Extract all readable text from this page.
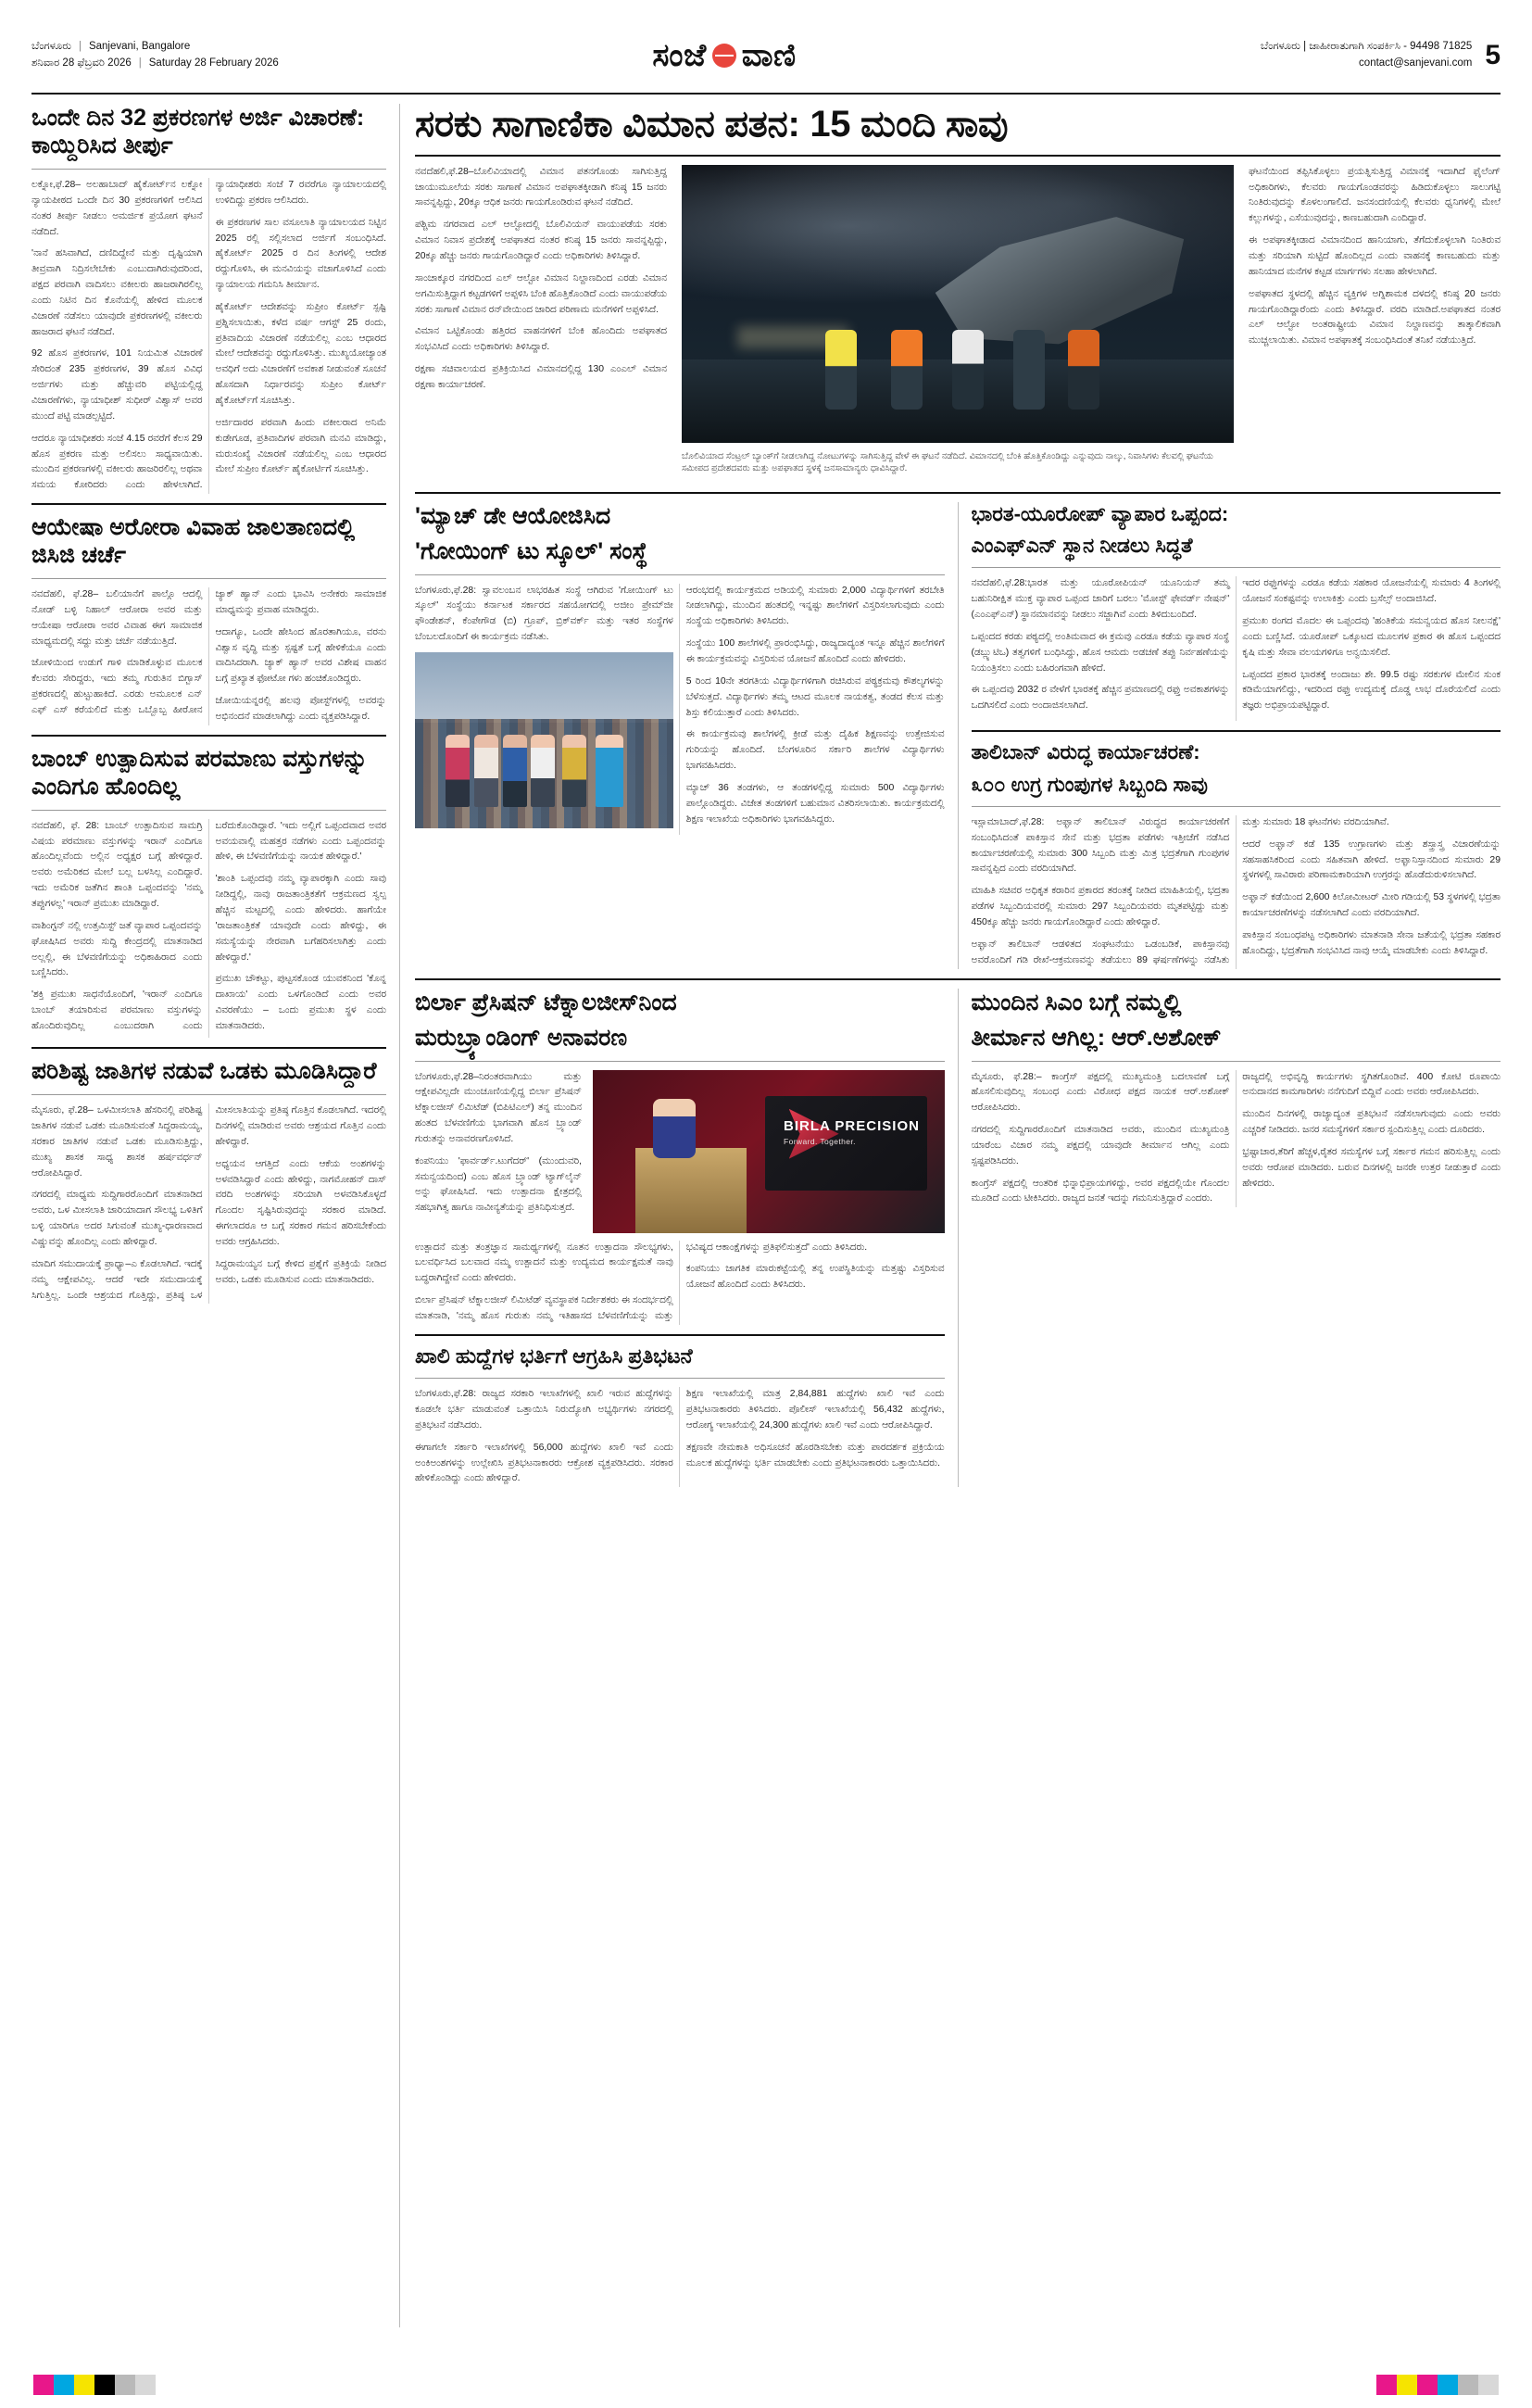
ಬೆಂಗಳೂರು | Sanjevani, Bangalore
ಶನಿವಾರ 28 ಫೆಬ್ರವರಿ 2026 | Saturday 28 February 2026	ಸಂಜೆ ವಾಣಿ	ಬೆಂಗಳೂರು | ಜಾಹೀರಾತುಗಾಗಿ ಸಂಪರ್ಕಿಸಿ - 94498 71825
contact@sanjevani.com 5
ಒಂದೇ ದಿನ 32 ಪ್ರಕರಣಗಳ ಅರ್ಜಿ ವಿಚಾರಣೆ: ಕಾಯ್ದಿರಿಸಿದ ತೀರ್ಪು

ಲಕ್ನೋ,ಫೆ.28– ಅಲಹಾಬಾದ್ ಹೈಕೋರ್ಟ್‌ನ ಲಕ್ನೋ ನ್ಯಾಯಪೀಠದ ಒಂದೇ ದಿನ 30 ಪ್ರಕರಣಗಳಿಗೆ ಆಲಿಸಿದ ನಂತರ ತೀರ್ಪು ನೀಡಲು ಅಮರ್ಜಿಕ ಪ್ರಯೋಗ ಘಟನೆ ನಡೆದಿದೆ.

'ನಾನೆ ಹಸಿವಾಗಿದೆ, ದಣಿದಿದ್ದೇನೆ ಮತ್ತು ದೃಷ್ಟಿಯಾಗಿ ತೀವ್ರವಾಗಿ ನಿದ್ರಿಸಲೇಬೇಕು ಎಂಬುದಾಗಿರುವುದರಿಂದ, ಪಕ್ಷದ ಪರವಾಗಿ ವಾದಿಸಲು ವಕೀಲರು ಹಾಜರಾಗಿರಲಿಲ್ಲ ಎಂದು ನಿಟಿನ ದಿನ ಕೊನೆಯಲ್ಲಿ ಹೇಳಿದ ಮೂಲಕ ವಿಚಾರಣೆ ನಡೆಸಲು ಯಾವುದೇ ಪ್ರಕರಣಗಳಲ್ಲಿ ವಕೀಲರು ಹಾಜರಾದ ಘಟನೆ ನಡೆದಿದೆ.

92 ಹೊಸ ಪ್ರಕರಣಗಳ, 101 ನಿಯಮಿತ ವಿಚಾರಣೆ ಸೇರಿದಂತೆ 235 ಪ್ರಕರಣಗಳ, 39 ಹೊಸ ವಿವಿಧ ಅರ್ಜಿಗಳು ಮತ್ತು ಹೆಚ್ಚುವರಿ ಪಟ್ಟಿಯಲ್ಲಿದ್ದ ವಿಚಾರಣೆಗಳು, ನ್ಯಾಯಾಧೀಶ್ ಸುಧೀರ್ ವಿಶ್ವಾಸ್ ಅವರ ಮುಂದೆ ಪಟ್ಟಿ ಮಾಡಲ್ಪಟ್ಟಿದೆ.

ಆದರೂ ನ್ಯಾಯಾಧೀಶರು ಸಂಜೆ 4.15 ರವರೆಗೆ ಕೆಲಸ 29 ಹೊಸ ಪ್ರಕರಣ ಮತ್ತು ಅಲಿಸಲು ಸಾಧ್ಯವಾಯಿತು. ಮುಂದಿನ ಪ್ರಕರಣಗಳಲ್ಲಿ ವಕೀಲರು ಹಾಜರಿರಲಿಲ್ಲ ಅಥವಾ ಸಮಯ ಕೋರಿದರು ಎಂದು ಹೇಳಲಾಗಿದೆ. ನ್ಯಾಯಾಧೀಶರು ಸಂಜೆ 7 ರವರೆಗೂ ನ್ಯಾಯಾಲಯದಲ್ಲಿ ಉಳಿದಿದ್ದು ಪ್ರಕರಣ ಆಲಿಸಿದರು.

ಈ ಪ್ರಕರಣಗಳ ಸಾಲ ವಸೂಲಾತಿ ನ್ಯಾಯಾಲಯದ ನಿಟ್ಟಿನ 2025 ರಲ್ಲಿ ಸಲ್ಲಿಸಲಾದ ಅರ್ಜಿಗೆ ಸಂಬಂಧಿಸಿದೆ. ಹೈಕೋರ್ಟ್ 2025 ರ ದಿನ ತಿಂಗಳಲ್ಲಿ ಆದೇಶ ರದ್ದುಗೊಳಿಸಿ, ಈ ಮನವಿಯನ್ನು ವಜಾಗೊಳಿಸಿದೆ ಎಂದು ನ್ಯಾಯಾಲಯ ಗಮನಿಸಿ ತೀರ್ಮಾನ.

ಹೈಕೋರ್ಟ್ ಆದೇಶವನ್ನು ಸುಪ್ರೀಂ ಕೋರ್ಟ್ ಸ್ಪಷ್ಟಿ ಪ್ರಶ್ನಿಸಲಾಯಿತು, ಕಳೆದ ವರ್ಷ ಆಗಸ್ಟ್ 25 ರಂದು, ಪ್ರತಿವಾದಿಯ ವಿಚಾರಣೆ ನಡೆಯಲಿಲ್ಲ ಎಂಬ ಆಧಾರದ ಮೇಲೆ ಆದೇಶವನ್ನು ರದ್ದುಗೊಳಿಸಿತ್ತು. ಮುಖ್ಯಯೋಚ್ಯಾಂತ ಅವಧಿಗೆ ಅದು ವಿಚಾರಣೆಗೆ ಅವಕಾಶ ನೀಡುವಂತೆ ಸೂಚನೆ ಹೊಸದಾಗಿ ನಿರ್ಧಾರವನ್ನು ಸುಪ್ರೀಂ ಕೋರ್ಟ್ ಹೈಕೋರ್ಟ್‌ಗೆ ಸೂಚಿಸಿತ್ತು.

ಅರ್ಜಿದಾರರ ಪರವಾಗಿ ಹಿಂದು ವಕೀಲರಾದ ಅನಿಮೆ ಕುಡೇಗೂಡ, ಪ್ರತಿವಾದಿಗಳ ಪರವಾಗಿ ಮನವಿ ಮಾಡಿದ್ದು, ಮರುಸಂಖ್ಯೆ ವಿಚಾರಣೆ ನಡೆಯಲಿಲ್ಲ ಎಂಬ ಆಧಾರದ ಮೇಲೆ ಸುಪ್ರೀಂ ಕೋರ್ಟ್ ಹೈಕೋರ್ಟಿಗೆ ಸೂಚಿಸಿತ್ತು.

ಆಯೇಷಾ ಅರೋರಾ ವಿವಾಹ ಜಾಲತಾಣದಲ್ಲಿ ಜಿಸಿಜಿ ಚರ್ಚೆ

ನವದೆಹಲಿ, ಫೆ.28– ಬಲಿಯಾನೆಗೆ ಪಾಲ್ಗೊ ಆದಲ್ಲಿ ನೋಡ್ ಬಳ್ಳಿ ನಿಹಾಲ್ ಆರೋರಾ ಅವರ ಮತ್ತು ಆಯೇಷಾ ಆರೋರಾ ಅವರ ವಿವಾಹ ಈಗ ಸಾಮಾಜಿಕ ಮಾಧ್ಯಮದಲ್ಲಿ ಸದ್ದು ಮತ್ತು ಚರ್ಚೆ ನಡೆಯುತ್ತಿದೆ.

ಜೋಳಿಯಿಂದ ಉಡುಗೆ ಗಾಳಿ ಮಾಡಿಕೊಳ್ಳುವ ಮೂಲಕ ಕೆಲವರು ಸೇರಿದ್ದರು, ಇದು ತಮ್ಮ ಗುರುತಿನ ಬಿಗ್ಬಾಸ್ ಪ್ರಕರಣದಲ್ಲಿ ಹುಟ್ಟುಹಾಕಿದೆ. ಎರಡು ಅಮೂಲಕ ಎನ್ ಎಫ್ ಎಸ್ ಕರೆಯಲಿದೆ ಮತ್ತು ಒಬ್ಬೊಬ್ಬ ಹೀರೋನ ಜ್ಯಾಕ್ ಹ್ಯಾನ್ ಎಂದು ಭಾವಿಸಿ ಅನೇಕರು ಸಾಮಾಜಿಕ ಮಾಧ್ಯಮನ್ನು ಪ್ರವಾಹ ಮಾಡಿದ್ದರು.

ಆದಾಗ್ಯೂ, ಒಂದೇ ಹೇಸಿಂದ ಹೊರತಾಗಿಯೂ, ವರನು ವಿಶ್ವಾಸ ವೃದ್ಧಿ ಮತ್ತು ಸ್ಪಷ್ಟತೆ ಬಗ್ಗೆ ಹೇಳಿಕೆಯೂ ಎಂದು ವಾದಿಸಿದರಾಗಿ. ಜ್ಯಾಕ್ ಹ್ಯಾನ್ ಅವರ ವಿಶೇಷ ವಾಹನ ಬಗ್ಗೆ ಪ್ರಖ್ಯಾತ ಫೋಟೋ ಗಳು ಹಂಚಿಕೊಂಡಿದ್ದರು.

ಜೋಯಿಯನ್ನರಲ್ಲಿ ಹಲವು ಪೋಸ್ಟ್‌ಗಳಲ್ಲಿ ಅವರನ್ನು ಅಭಿನಂದನೆ ಮಾಡಲಾಗಿದ್ದು ಎಂದು ವ್ಯಕ್ತಪಡಿಸಿದ್ದಾರೆ.

ಬಾಂಬ್ ಉತ್ಪಾದಿಸುವ ಪರಮಾಣು ವಸ್ತುಗಳನ್ನು ಎಂದಿಗೂ ಹೊಂದಿಲ್ಲ

ನವದೆಹಲಿ, ಫೆ. 28: ಬಾಂಬ್ ಉತ್ಪಾದಿಸುವ ಸಾಮಗ್ರಿ ವಿಷಯ ಪರಮಾಣು ವಸ್ತುಗಳನ್ನು ಇರಾನ್ ಎಂದಿಗೂ ಹೊಂದಿಲ್ಲವೆಂದು ಅಲ್ಲಿನ ಅಧ್ಯಕ್ಷರ ಬಗ್ಗೆ ಹೇಳಿದ್ದಾರೆ. ಅವರು ಅಮೆರಿಕದ ಮೇಲೆ ಬಲ್ಲ ಬಳಸಿಲ್ಲ ಎಂದಿದ್ದಾರೆ. ಇದು ಅಮೆರಿಕ ಜತೆಗಿನ ಶಾಂತಿ ಒಪ್ಪಂದವನ್ನು 'ನಮ್ಮ ತಪ್ಪುಗಳಲ್ಲ' ಇರಾನ್ ಪ್ರಮುಖ ಮಾಡಿದ್ದಾರೆ.

ವಾಶಿಂಗ್ಟನ್ ನಲ್ಲಿ ಉತ್ತಮಿಸ್ಟ್ ಜತೆ ವ್ಯಾಪಾರ ಒಪ್ಪಂದವನ್ನು ಘೋಷಿಸಿದ ಅವರು ಸುದ್ದಿ ಕೇಂದ್ರದಲ್ಲಿ ಮಾತನಾಡಿದ ಅಲ್ಲಲ್ಲಿ, ಈ ಬೆಳವಣಿಗೆಯನ್ನು ಅಧಿಕಾಹಿರಾದ ಎಂದು ಬಣ್ಣಿಸಿದರು.

'ಶಕ್ತಿ ಪ್ರಮುಖ ಸಾಧನೆಯೊಂದಿಗೆ, 'ಇರಾನ್ ಎಂದಿಗೂ ಬಾಂಬ್ ತಯಾರಿಸುವ ಪರಮಾಣು ವಸ್ತುಗಳನ್ನು ಹೊಂದಿರುವುದಿಲ್ಲ ಎಂಬುದರಾಗಿ ಎಂದು ಬರೆದುಕೊಂಡಿದ್ದಾರೆ. 'ಇದು ಅಲ್ಲಿಗೆ ಒಪ್ಪಂದವಾದ ಅವರ ಅವಯವಾಲ್ಲಿ ಮಹತ್ತರ ನಡೆಗಳು ಎಂದು ಒಪ್ಪಂದವನ್ನು ಹೇಳಿ, ಈ ಬೆಳವಣಿಗೆಯನ್ನು ನಾಯಕ ಹೇಳಿದ್ದಾರೆ.'

'ಶಾಂತಿ ಒಪ್ಪಂದವು ನಮ್ಮ ವ್ಯಾಪಾರಕ್ಕಾಗಿ ಎಂದು ಸಾವು ನೀಡಿದ್ದಲ್ಲಿ, ನಾವು ರಾಜತಾಂತ್ರಿಕತೆಗೆ ಆಕ್ರಮಣದ ಸ್ವಲ್ಪ ಹೆಚ್ಚಿನ ಮಟ್ಟದಲ್ಲಿ ಎಂದು ಹೇಳಿದರು. ಹಾಗೆಯೇ 'ರಾಜತಾಂತ್ರಿಕತೆ ಯಾವುದೇ ಎಂದು ಹೇಳಿದ್ದು, ಈ ಸಮಸ್ಯೆಯನ್ನು ನೇರವಾಗಿ ಬಗೆಹರಿಸಲಾಗಿತ್ತು ಎಂದು ಹೇಳಿದ್ದಾರೆ.'

ಪ್ರಮುಖ ಚೌಕಟ್ಟು, ಪುಟ್ಟಸಕೊಂಡ ಯುವಕನಿಂದ 'ಕೊನ್ನ ದಾಖಾಯ' ಎಂದು ಒಳಗೊಂಡಿದೆ ಎಂದು ಅವರ ವಿವರಣೆಯು – ಒಂದು ಪ್ರಮುಖ ಸ್ಥಳ ಎಂದು ಮಾತನಾಡಿದರು.

ಪರಿಶಿಷ್ಟ ಜಾತಿಗಳ ನಡುವೆ ಒಡಕು ಮೂಡಿಸಿದ್ದಾರೆ

ಮೈಸೂರು, ಫೆ.28– ಒಳಮೀಸಲಾತಿ ಹೆಸರಿನಲ್ಲಿ ಪರಿಶಿಷ್ಟ ಜಾತಿಗಳ ನಡುವೆ ಒಡಕು ಮೂಡಿಸುವಂತೆ ಸಿದ್ದರಾಮಯ್ಯ, ಸರಕಾರ ಜಾತಿಗಳ ನಡುವೆ ಒಡಕು ಮೂಡಿಸುತ್ತಿದ್ದು, ಮುಖ್ಯ ಶಾಸಕ ಸಾಧ್ಯ ಶಾಸಕ ಹರ್ಷವರ್ಧನ್ ಆರೋಪಿಸಿದ್ದಾರೆ.

ನಗರದಲ್ಲಿ ಮಾಧ್ಯಮ ಸುದ್ದಿಗಾರರೊಂದಿಗೆ ಮಾತನಾಡಿದ ಅವರು, ಒಳ ಮೀಸಲಾತಿ ಜಾರಿಯಾದಾಗ ಸೌಲಭ್ಯ ಒಳಿತಿಗೆ ಬಳ್ಳಿ ಯಾರಿಗೂ ಅದರ ಸಿಗುವಂತೆ ಮುಖ್ಯ-ಧಾರಣವಾದ ವಿಷ್ಣುವನ್ನು ಹೊಂದಿಲ್ಲ ಎಂದು ಹೇಳಿದ್ದಾರೆ.

ಮಾದಿಗ ಸಮುದಾಯಕ್ಕೆ ಪ್ರಾಧ್ಯಾ–ಎ ಕೊಡಲಾಗಿದೆ. ಇದಕ್ಕೆ ನಮ್ಮ ಆಕ್ಷೇಪವಿಲ್ಲ. ಆದರೆ ಇದೇ ಸಮುದಾಯಕ್ಕೆ ಸಿಗುತ್ತಿಲ್ಲ. ಒಂದೇ ಆಶ್ರಯದ ಗೊತ್ತಿದ್ದು, ಪ್ರತಿಷ್ಠ ಒಳ ಮೀಸಲಾತಿಯನ್ನು ಪ್ರತಿಷ್ಠ ಗೊತ್ತಿನ ಕೊಡಲಾಗಿದೆ. ಇದರಲ್ಲಿ ದಿನಗಳಲ್ಲಿ ಮಾಡಿರುವ ಅವರು ಆಶ್ರಯದ ಗೊತ್ತಿನ ಎಂದು ಹೇಳಿದ್ದಾರೆ.

ಅಧ್ಯಯನ ಆಗತ್ತಿದೆ ಎಂದು ಆಕೆಯ ಅಂಶಗಳನ್ನು ಅಳವಡಿಸಿದ್ದಾರೆ ಎಂದು ಹೇಳಿದ್ದು, ನಾಗಮೋಹನ್ ದಾಸ್ ವರದಿ ಅಂಶಗಳನ್ನು ಸರಿಯಾಗಿ ಅಳವಡಿಸಿಕೊಳ್ಳದೆ ಗೊಂದಲ ಸೃಷ್ಟಿಸಿರುವುದನ್ನು ಸರಕಾರ ಮಾಡಿದೆ. ಈಗಲಾದರೂ ಆ ಬಗ್ಗೆ ಸರಕಾರ ಗಮನ ಹರಿಸಬೇಕೆಂದು ಅವರು ಆಗ್ರಹಿಸಿದರು.

ಸಿದ್ದರಾಮಯ್ಯನ ಬಗ್ಗೆ ಕೇಳಿದ ಪ್ರಶ್ನೆಗೆ ಪ್ರತಿಕ್ರಿಯೆ ನೀಡಿದ ಅವರು, ಒಡಕು ಮೂಡಿಸುವ ಎಂದು ಮಾತನಾಡಿದರು.

ಸರಕು ಸಾಗಾಣಿಕಾ ವಿಮಾನ ಪತನ: 15 ಮಂದಿ ಸಾವು

ನವದೆಹಲಿ,ಫೆ.28–ಬೊಲಿವಿಯಾದಲ್ಲಿ ವಿಮಾನ ಪತನಗೊಂಡು ಸಾಗಿಸುತ್ತಿದ್ದ ಚಾಯುಮೂಲೆಯ ಸರಕು ಸಾಗಾಣೆ ವಿಮಾನ ಅಪಘಾತಕ್ಕೀಡಾಗಿ ಕನಿಷ್ಠ 15 ಜನರು ಸಾವನ್ನಪ್ಪಿದ್ದು, 20ಕ್ಕೂ ಆಧಿಕ ಜನರು ಗಾಯಗೊಂಡಿರುವ ಘಟನೆ ನಡೆದಿದೆ.

ಪಶ್ಚಿಮ ನಗರವಾದ ಎಲ್ ಆಲ್ಟೋದಲ್ಲಿ ಬೊಲಿವಿಯನ್ ವಾಯುಪಡೆಯ ಸರಕು ವಿಮಾನ ನಿವಾಸ ಪ್ರದೇಶಕ್ಕೆ ಅಪಘಾತದ ನಂತರ ಕನಿಷ್ಠ 15 ಜನರು ಸಾವನ್ನಪ್ಪಿದ್ದು, 20ಕ್ಕೂ ಹೆಚ್ಚು ಜನರು ಗಾಯಗೊಂಡಿದ್ದಾರೆ ಎಂದು ಅಧಿಕಾರಿಗಳು ತಿಳಿಸಿದ್ದಾರೆ.

ಸಾಂಚಾಕ್ಕೂರ ನಗರದಿಂದ ಎಲ್ ಆಲ್ಟೋ ವಿಮಾನ ನಿಲ್ದಾಣದಿಂದ ಎರಡು ವಿಮಾನ ಅಗಮಿಸುತ್ತಿದ್ದಾಗ ಕಟ್ಟಡಗಳಿಗೆ ಅಪ್ಪಳಿಸಿ ಬೆಂಕಿ ಹೊತ್ತಿಕೊಂಡಿದೆ ಎಂದು ವಾಯುಪಡೆಯ ಸರಕು ಸಾಗಾಣೆ ವಿಮಾನ ರನ್‌ವೇಯಿಂದ ಜಾರಿದ ಪರಿಣಾಮ ಮನೆಗಳಿಗೆ ಅಪ್ಪಳಿಸಿದೆ.

ವಿಮಾನ ಒಟ್ಟಿಕೊಂಡು ಹತ್ತಿರದ ವಾಹನಗಳಿಗೆ ಬೆಂಕಿ ಹೊಂದಿದು ಅಪಘಾತದ ಸಂಭವಿಸಿದೆ ಎಂದು ಅಧಿಕಾರಿಗಳು ತಿಳಿಸಿದ್ದಾರೆ.

ರಕ್ಷಣಾ ಸಚಿವಾಲಯದ ಪ್ರತಿಕ್ರಿಯಿಸಿದ ವಿಮಾನದಲ್ಲಿದ್ದ 130 ಎಂಎಲ್ ವಿಮಾನ ರಕ್ಷಣಾ ಕಾರ್ಯಾಚರಣೆ.

ಬೊಲಿವಿಯಾದ ಸೆಂಟ್ರಲ್ ಬ್ಯಾಂಕ್‌ಗೆ ನೀಡಲಾಗಿದ್ದ ನೋಟುಗಳನ್ನು ಸಾಗಿಸುತ್ತಿದ್ದ ವೇಳೆ ಈ ಘಟನೆ ನಡೆದಿದೆ. ವಿಮಾನದಲ್ಲಿ ಬೆಂಕಿ ಹೊತ್ತಿಕೊಂಡಿದ್ದು ಎನ್ನುವುದು ನಾಲ್ಕು, ನಿವಾಸಿಗಳು ಕೆಲವಲ್ಲಿ ಘಟನೆಯ ಸಮೀಪದ ಪ್ರದೇಶದವರು ಮತ್ತು ಅಪಘಾತದ ಸ್ಥಳಕ್ಕೆ ಜನಸಾಮಾನ್ಯರು ಧಾವಿಸಿದ್ದಾರೆ.

ಘಟನೆಯಿಂದ ತಪ್ಪಿಸಿಕೊಳ್ಳಲು ಪ್ರಯತ್ನಿಸುತ್ತಿದ್ದ ವಿಮಾನಕ್ಕೆ ಇದಾಗಿದೆ ಫೈಲೆಂಗ್ ಅಧಿಕಾರಿಗಳು, ಕೆಲವರು ಗಾಯಗೊಂಡವರನ್ನು ಹಿಡಿದುಕೊಳ್ಳಲು ಸಾಲುಗಟ್ಟಿ ನಿಂತಿರುವುದನ್ನು ಕೊಳಲಂಗಾಲಿದೆ. ಜನಸಂದಣಿಯಲ್ಲಿ ಕೆಲವರು ಧ್ವನಿಗಳಲ್ಲಿ ಮೇಲೆ ಕಲ್ಲುಗಳನ್ನು, ಎಸೆಯುವುದನ್ನು, ಕಾಣಬಹುದಾಗಿ ಎಂದಿದ್ದಾರೆ.

ಈ ಅಪಘಾತಕ್ಕೀಡಾದ ವಿಮಾನದಿಂದ ಹಾನಿಯಾಗು, ತೆಗೆದುಕೊಳ್ಳಲಾಗಿ ನಿಂತಿರುವ ಮತ್ತು ಸರಿಯಾಗಿ ಸುಟ್ಟಿದೆ ಹೊಂದಿಲ್ಲದ ಎಂದು ವಾಹನಕ್ಕೆ ಕಾಣಬಹುದು ಮತ್ತು ಹಾನಿಯಾದ ಮನೆಗಳ ಕಟ್ಟಡ ಮಾರ್ಗಗಳು ಸಲಹಾ ಹೇಳಲಾಗಿದೆ.

ಅಪಘಾತದ ಸ್ಥಳದಲ್ಲಿ ಹೆಚ್ಚಿನ ವ್ಯಕ್ತಿಗಳ ಅಗ್ನಿಶಾಮಕ ದಳದಲ್ಲಿ ಕನಿಷ್ಠ 20 ಜನರು ಗಾಯಗೊಂಡಿದ್ದಾರೆಂದು ಎಂದು ತಿಳಿಸಿದ್ದಾರೆ. ವರದಿ ಮಾಡಿದೆ.ಅಪಘಾತದ ನಂತರ ಎಲ್ ಆಲ್ಟೋ ಅಂತರಾಷ್ಟ್ರೀಯ ವಿಮಾನ ನಿಲ್ದಾಣವನ್ನು ತಾತ್ಕಾಲಿಕವಾಗಿ ಮುಚ್ಚಲಾಯಿತು. ವಿಮಾನ ಅಪಘಾತಕ್ಕೆ ಸಂಬಂಧಿಸಿದಂತೆ ತನಿಖೆ ನಡೆಯುತ್ತಿದೆ.

'ಮ್ಯಾಚ್ ಡೇ ಆಯೋಜಿಸಿದ
'ಗೋಯಿಂಗ್ ಟು ಸ್ಕೂಲ್' ಸಂಸ್ಥೆ

ಬೆಂಗಳೂರು,ಫೆ.28: ಸ್ವಾವಲಂಬನ ಲಾಭರಹಿತ ಸಂಸ್ಥೆ ಆಗಿರುವ 'ಗೋಯಿಂಗ್ ಟು ಸ್ಕೂಲ್' ಸಂಸ್ಥೆಯು ಕರ್ನಾಟಕ ಸರ್ಕಾರದ ಸಹಯೋಗದಲ್ಲಿ ಅಜೀಂ ಪ್ರೇಮ್‌ಜೀ ಫೌಂಡೇಶನ್, ಕೆಂಪೇಗೌಡ (ಬಿ) ಗ್ರೂಪ್, ಬ್ರಿಕ್‌ವರ್ಕ್ ಮತ್ತು ಇತರ ಸಂಸ್ಥೆಗಳ ಬೆಂಬಲದೊಂದಿಗೆ ಈ ಕಾರ್ಯಕ್ರಮ ನಡೆಸಿತು.

ಆರಂಭದಲ್ಲಿ ಕಾರ್ಯಕ್ರಮದ ಅಡಿಯಲ್ಲಿ ಸುಮಾರು 2,000 ವಿದ್ಯಾರ್ಥಿಗಳಿಗೆ ತರಬೇತಿ ನೀಡಲಾಗಿದ್ದು, ಮುಂದಿನ ಹಂತದಲ್ಲಿ ಇನ್ನಷ್ಟು ಶಾಲೆಗಳಿಗೆ ವಿಸ್ತರಿಸಲಾಗುವುದು ಎಂದು ಸಂಸ್ಥೆಯ ಅಧಿಕಾರಿಗಳು ತಿಳಿಸಿದರು.

ಸಂಸ್ಥೆಯು 100 ಶಾಲೆಗಳಲ್ಲಿ ಪ್ರಾರಂಭಿಸಿದ್ದು, ರಾಜ್ಯದಾದ್ಯಂತ ಇನ್ನೂ ಹೆಚ್ಚಿನ ಶಾಲೆಗಳಿಗೆ ಈ ಕಾರ್ಯಕ್ರಮವನ್ನು ವಿಸ್ತರಿಸುವ ಯೋಜನೆ ಹೊಂದಿದೆ ಎಂದು ಹೇಳಿದರು.

5 ರಿಂದ 10ನೇ ತರಗತಿಯ ವಿದ್ಯಾರ್ಥಿಗಳಿಗಾಗಿ ರಚಿಸಿರುವ ಪಠ್ಯಕ್ರಮವು ಕೌಶಲ್ಯಗಳನ್ನು ಬೆಳೆಸುತ್ತದೆ. ವಿದ್ಯಾರ್ಥಿಗಳು ತಮ್ಮ ಆಟದ ಮೂಲಕ ನಾಯಕತ್ವ, ತಂಡದ ಕೆಲಸ ಮತ್ತು ಶಿಸ್ತು ಕಲಿಯುತ್ತಾರೆ ಎಂದು ತಿಳಿಸಿದರು.

ಈ ಕಾರ್ಯಕ್ರಮವು ಶಾಲೆಗಳಲ್ಲಿ ಕ್ರೀಡೆ ಮತ್ತು ದೈಹಿಕ ಶಿಕ್ಷಣವನ್ನು ಉತ್ತೇಜಿಸುವ ಗುರಿಯನ್ನು ಹೊಂದಿದೆ. ಬೆಂಗಳೂರಿನ ಸರ್ಕಾರಿ ಶಾಲೆಗಳ ವಿದ್ಯಾರ್ಥಿಗಳು ಭಾಗವಹಿಸಿದರು.

ಮ್ಯಾಚ್ 36 ತಂಡಗಳು, ಆ ತಂಡಗಳಲ್ಲಿದ್ದ ಸುಮಾರು 500 ವಿದ್ಯಾರ್ಥಿಗಳು ಪಾಲ್ಗೊಂಡಿದ್ದರು. ವಿಜೇತ ತಂಡಗಳಿಗೆ ಬಹುಮಾನ ವಿತರಿಸಲಾಯಿತು. ಕಾರ್ಯಕ್ರಮದಲ್ಲಿ ಶಿಕ್ಷಣ ಇಲಾಖೆಯ ಅಧಿಕಾರಿಗಳು ಭಾಗವಹಿಸಿದ್ದರು.

ಭಾರತ-ಯೂರೋಪ್ ವ್ಯಾಪಾರ ಒಪ್ಪಂದ:
ಎಂಎಫ್‌ಎನ್ ಸ್ಥಾನ ನೀಡಲು ಸಿದ್ಧತೆ

ನವದೆಹಲಿ,ಫೆ.28:ಭಾರತ ಮತ್ತು ಯೂರೋಪಿಯನ್ ಯೂನಿಯನ್ ತಮ್ಮ ಬಹುನಿರೀಕ್ಷಿತ ಮುಕ್ತ ವ್ಯಾಪಾರ ಒಪ್ಪಂದ ಜಾರಿಗೆ ಬರಲು 'ಮೋಸ್ಟ್ ಫೇವರ್ಡ್ ನೇಷನ್' (ಎಂಎಫ್‌ಎನ್) ಸ್ಥಾನಮಾನವನ್ನು ನೀಡಲು ಸಜ್ಜಾಗಿವೆ ಎಂದು ತಿಳಿದುಬಂದಿದೆ.

ಒಪ್ಪಂದದ ಕರಡು ಪಠ್ಯದಲ್ಲಿ ಅಂತಿಮವಾದ ಈ ಕ್ರಮವು ಎರಡೂ ಕಡೆಯ ವ್ಯಾಪಾರ ಸಂಸ್ಥೆ (ಡಬ್ಲ್ಯುಟಿಒ) ತತ್ವಗಳಿಗೆ ಬಂಧಿಸಿದ್ದು, ಹೊಸ ಆಮದು ಅಡಚಣೆ ತಪ್ಪು ನಿರ್ವಹಣೆಯನ್ನು ನಿಯಂತ್ರಿಸಲು ಎಂದು ಬಹಿರಂಗವಾಗಿ ಹೇಳಿದೆ.

ಈ ಒಪ್ಪಂದವು 2032 ರ ವೇಳೆಗೆ ಭಾರತಕ್ಕೆ ಹೆಚ್ಚಿನ ಪ್ರಮಾಣದಲ್ಲಿ ರಫ್ತು ಅವಕಾಶಗಳನ್ನು ಒದಗಿಸಲಿದೆ ಎಂದು ಅಂದಾಜಿಸಲಾಗಿದೆ.

ಇದರ ರಫ್ತುಗಳನ್ನು ಎರಡೂ ಕಡೆಯ ಸಹಕಾರ ಯೋಜನೆಯಲ್ಲಿ ಸುಮಾರು 4 ತಿಂಗಳಲ್ಲಿ ಯೋಜನೆ ಸಂಕಷ್ಟವನ್ನು ಉಲಾಕಿತ್ತು ಎಂದು ಬ್ರಸೆಲ್ಸ್ ಅಂದಾಜಿಸಿದೆ.

ಪ್ರಮುಖ ರಂಗದ ಮೊದಲ ಈ ಒಪ್ಪಂದವು 'ಹಂತಿಕೆಯ ಸಮನ್ವಯದ ಹೊಸ ನೀಲನಕ್ಷೆ' ಎಂದು ಬಣ್ಣಿಸಿದೆ. ಯೂರೋಪ್ ಒಕ್ಕೂಟದ ಮೂಲಗಳ ಪ್ರಕಾರ ಈ ಹೊಸ ಒಪ್ಪಂದದ ಕೃಷಿ ಮತ್ತು ಸೇವಾ ವಲಯಗಳಿಗೂ ಅನ್ವಯಿಸಲಿದೆ.

ಒಪ್ಪಂದದ ಪ್ರಕಾರ ಭಾರತಕ್ಕೆ ಅಂದಾಜು ಶೇ. 99.5 ರಷ್ಟು ಸರಕುಗಳ ಮೇಲಿನ ಸುಂಕ ಕಡಿಮೆಯಾಗಲಿದ್ದು, ಇದರಿಂದ ರಫ್ತು ಉದ್ಯಮಕ್ಕೆ ದೊಡ್ಡ ಲಾಭ ದೊರೆಯಲಿದೆ ಎಂದು ತಜ್ಞರು ಅಭಿಪ್ರಾಯಪಟ್ಟಿದ್ದಾರೆ.

ತಾಲಿಬಾನ್ ವಿರುದ್ಧ ಕಾರ್ಯಾಚರಣೆ:
೩೦೦ ಉಗ್ರ ಗುಂಪುಗಳ ಸಿಬ್ಬಂದಿ ಸಾವು

ಇಸ್ಲಾಮಾಬಾದ್,ಫೆ.28: ಅಫ್ಘಾನ್ ತಾಲಿಬಾನ್ ವಿರುದ್ಧದ ಕಾರ್ಯಾಚರಣೆಗೆ ಸಂಬಂಧಿಸಿದಂತೆ ಪಾಕಿಸ್ತಾನ ಸೇನೆ ಮತ್ತು ಭದ್ರತಾ ಪಡೆಗಳು ಇತ್ತೀಚೆಗೆ ನಡೆಸಿದ ಕಾರ್ಯಾಚರಣೆಯಲ್ಲಿ ಸುಮಾರು 300 ಸಿಬ್ಬಂದಿ ಮತ್ತು ಮಿತ್ರ ಭದ್ರತೆಗಾಗಿ ಗುಂಪುಗಳ ಸಾವನ್ನಪ್ಪಿದ ಎಂದು ವರದಿಯಾಗಿದೆ.

ಮಾಹಿತಿ ಸಚಿವರ ಅಧಿಕೃತ ಕರಾರಿನ ಪ್ರಕಾರದ ತರಂತಕ್ಕೆ ನೀಡಿದ ಮಾಹಿತಿಯಲ್ಲಿ, ಭದ್ರತಾ ಪಡೆಗಳ ಸಿಬ್ಬಂದಿಯವರಲ್ಲಿ ಸುಮಾರು 297 ಸಿಬ್ಬಂದಿಯವರು ಮೃತಪಟ್ಟಿದ್ದು ಮತ್ತು 450ಕ್ಕೂ ಹೆಚ್ಚು ಜನರು ಗಾಯಗೊಂಡಿದ್ದಾರೆ ಎಂದು ಹೇಳಿದ್ದಾರೆ.

ಅಫ್ಘಾನ್ ತಾಲಿಬಾನ್ ಆಡಳಿತದ ಸಂಘಟನೆಯು ಒಡಂಬಡಿಕೆ, ಪಾಕಿಸ್ತಾನವು ಅವರೊಂದಿಗೆ ಗಡಿ ರೇಖೆ-ಆಕ್ರಮಣವನ್ನು ತಡೆಯಲು 89 ಘರ್ಷಣೆಗಳನ್ನು ನಡೆಸಿತು ಮತ್ತು ಸುಮಾರು 18 ಘಟನೆಗಳು ವರದಿಯಾಗಿವೆ.

ಆದರೆ ಅಫ್ಘಾನ್ ಕಡೆ 135 ಉಗ್ರಾಣಗಳು ಮತ್ತು ಶಸ್ತ್ರಾಸ್ತ್ರ ವಿಚಾರಣೆಯನ್ನು ಸಹಸಾಹಸಿಕರಿಂದ ಎಂದು ಸಹಿತವಾಗಿ ಹೇಳಿದೆ. ಅಫ್ಘಾನಿಸ್ತಾನದಿಂದ ಸುಮಾರು 29 ಸ್ಥಳಗಳಲ್ಲಿ ಸಾವಿರಾರು ಪರಿಣಾಮಕಾರಿಯಾಗಿ ಉಗ್ರರನ್ನು ಹೊಡೆದುರುಳಿಸಲಾಗಿದೆ.

ಅಫ್ಘಾನ್ ಕಡೆಯಿಂದ 2,600 ಕಿಲೋಮೀಟರ್ ಮೀರಿ ಗಡಿಯಲ್ಲಿ 53 ಸ್ಥಳಗಳಲ್ಲಿ ಭದ್ರತಾ ಕಾರ್ಯಾಚರಣೆಗಳನ್ನು ನಡೆಸಲಾಗಿದೆ ಎಂದು ವರದಿಯಾಗಿದೆ.

ಪಾಕಿಸ್ತಾನ ಸಂಬಂಧಪಟ್ಟ ಅಧಿಕಾರಿಗಳು ಮಾತನಾಡಿ ಸೇನಾ ಜತೆಯಲ್ಲಿ ಭದ್ರತಾ ಸಹಕಾರ ಹೊಂದಿದ್ದು, ಭದ್ರತೆಗಾಗಿ ಸಂಭವಿಸಿದ ನಾವು ಆಯ್ಕೆ ಮಾಡಬೇಕು ಎಂದು ತಿಳಿಸಿದ್ದಾರೆ.

ಬಿರ್ಲಾ ಪ್ರೆಸಿಷನ್ ಟೆಕ್ನಾಲಜೀಸ್‌ನಿಂದ
ಮರುಬ್ರ್ಯಾಂಡಿಂಗ್ ಅನಾವರಣ

ಬೆಂಗಳೂರು,ಫೆ.28–ನಿರಂತರವಾಗಿಯು ಮತ್ತು ಆಕ್ಷೇಪವಿಲ್ಲದೇ ಮುಂಚೂಣಿಯಲ್ಲಿದ್ದ ಬಿರ್ಲಾ ಪ್ರೆಸಿಷನ್ ಟೆಕ್ನಾಲಜೀಸ್ ಲಿಮಿಟೆಡ್ (ಬಿಪಿಟಿಎಲ್) ತನ್ನ ಮುಂದಿನ ಹಂತದ ಬೆಳವಣಿಗೆಯ ಭಾಗವಾಗಿ ಹೊಸ ಬ್ರ್ಯಾಂಡ್ ಗುರುತನ್ನು ಅನಾವರಣಗೊಳಿಸಿದೆ.

ಕಂಪನಿಯು 'ಫಾರ್ವರ್ಡ್.ಟುಗೆದರ್' (ಮುಂದುವರಿ, ಸಮನ್ವಯದಿಂದ) ಎಂಬ ಹೊಸ ಬ್ರ್ಯಾಂಡ್ ಟ್ಯಾಗ್‌ಲೈನ್ ಅನ್ನು ಘೋಷಿಸಿದೆ. ಇದು ಉತ್ಪಾದನಾ ಕ್ಷೇತ್ರದಲ್ಲಿ ಸಹಭಾಗಿತ್ವ ಹಾಗೂ ನಾವೀನ್ಯತೆಯನ್ನು ಪ್ರತಿನಿಧಿಸುತ್ತದೆ.

BIRLA PRECISION
Forward. Together.

ಉತ್ಪಾದನೆ ಮತ್ತು ತಂತ್ರಜ್ಞಾನ ಸಾಮರ್ಥ್ಯಗಳಲ್ಲಿ ನೂತನ ಉತ್ಪಾದನಾ ಸೌಲಭ್ಯಗಳು, ಬಲವರ್ಧಿಸಿದ ಬಲವಾದ ನಮ್ಮ ಉತ್ಪಾದನೆ ಮತ್ತು ಉದ್ಯಮದ ಕಾರ್ಯಕ್ಷಮತೆ ನಾವು ಬದ್ಧರಾಗಿದ್ದೇವೆ ಎಂದು ಹೇಳಿದರು.

ಬಿರ್ಲಾ ಪ್ರೆಸಿಷನ್ ಟೆಕ್ನಾಲಜೀಸ್ ಲಿಮಿಟೆಡ್ ವ್ಯವಸ್ಥಾಪಕ ನಿರ್ದೇಶಕರು ಈ ಸಂದರ್ಭದಲ್ಲಿ ಮಾತನಾಡಿ, 'ನಮ್ಮ ಹೊಸ ಗುರುತು ನಮ್ಮ ಇತಿಹಾಸದ ಬೆಳವಣಿಗೆಯನ್ನು ಮತ್ತು ಭವಿಷ್ಯದ ಆಕಾಂಕ್ಷೆಗಳನ್ನು ಪ್ರತಿಫಲಿಸುತ್ತದೆ' ಎಂದು ತಿಳಿಸಿದರು.

ಕಂಪನಿಯು ಜಾಗತಿಕ ಮಾರುಕಟ್ಟೆಯಲ್ಲಿ ತನ್ನ ಉಪಸ್ಥಿತಿಯನ್ನು ಮತ್ತಷ್ಟು ವಿಸ್ತರಿಸುವ ಯೋಜನೆ ಹೊಂದಿದೆ ಎಂದು ತಿಳಿಸಿದರು.

ಖಾಲಿ ಹುದ್ದೆಗಳ ಭರ್ತಿಗೆ ಆಗ್ರಹಿಸಿ ಪ್ರತಿಭಟನೆ

ಬೆಂಗಳೂರು,ಫೆ.28: ರಾಜ್ಯದ ಸರಕಾರಿ ಇಲಾಖೆಗಳಲ್ಲಿ ಖಾಲಿ ಇರುವ ಹುದ್ದೆಗಳನ್ನು ಕೂಡಲೇ ಭರ್ತಿ ಮಾಡುವಂತೆ ಒತ್ತಾಯಿಸಿ ನಿರುದ್ಯೋಗಿ ಅಭ್ಯರ್ಥಿಗಳು ನಗರದಲ್ಲಿ ಪ್ರತಿಭಟನೆ ನಡೆಸಿದರು.

ಈಗಾಗಲೇ ಸರ್ಕಾರಿ ಇಲಾಖೆಗಳಲ್ಲಿ 56,000 ಹುದ್ದೆಗಳು ಖಾಲಿ ಇವೆ ಎಂದು ಅಂಕಿಅಂಶಗಳನ್ನು ಉಲ್ಲೇಖಿಸಿ ಪ್ರತಿಭಟನಾಕಾರರು ಆಕ್ರೋಶ ವ್ಯಕ್ತಪಡಿಸಿದರು. ಸರಕಾರ ಹೇಳಿಕೊಂಡಿದ್ದು ಎಂದು ಹೇಳಿದ್ದಾರೆ.

ಶಿಕ್ಷಣ ಇಲಾಖೆಯಲ್ಲಿ ಮಾತ್ರ 2,84,881 ಹುದ್ದೆಗಳು ಖಾಲಿ ಇವೆ ಎಂದು ಪ್ರತಿಭಟನಾಕಾರರು ತಿಳಿಸಿದರು. ಪೊಲೀಸ್ ಇಲಾಖೆಯಲ್ಲಿ 56,432 ಹುದ್ದೆಗಳು, ಆರೋಗ್ಯ ಇಲಾಖೆಯಲ್ಲಿ 24,300 ಹುದ್ದೆಗಳು ಖಾಲಿ ಇವೆ ಎಂದು ಆರೋಪಿಸಿದ್ದಾರೆ.

ತಕ್ಷಣವೇ ನೇಮಕಾತಿ ಅಧಿಸೂಚನೆ ಹೊರಡಿಸಬೇಕು ಮತ್ತು ಪಾರದರ್ಶಕ ಪ್ರಕ್ರಿಯೆಯ ಮೂಲಕ ಹುದ್ದೆಗಳನ್ನು ಭರ್ತಿ ಮಾಡಬೇಕು ಎಂದು ಪ್ರತಿಭಟನಾಕಾರರು ಒತ್ತಾಯಿಸಿದರು.

ಮುಂದಿನ ಸಿಎಂ ಬಗ್ಗೆ ನಮ್ಮಲ್ಲಿ
ತೀರ್ಮಾನ ಆಗಿಲ್ಲ: ಆರ್.ಅಶೋಕ್

ಮೈಸೂರು, ಫೆ.28:– ಕಾಂಗ್ರೆಸ್ ಪಕ್ಷದಲ್ಲಿ ಮುಖ್ಯಮಂತ್ರಿ ಬದಲಾವಣೆ ಬಗ್ಗೆ ಹೊಸಲಿಸುವುದಿಲ್ಲ ಸಂಬಂಧ ಎಂದು ವಿರೋಧ ಪಕ್ಷದ ನಾಯಕ ಆರ್.ಅಶೋಕ್ ಆರೋಪಿಸಿದರು.

ನಗರದಲ್ಲಿ ಸುದ್ದಿಗಾರರೊಂದಿಗೆ ಮಾತನಾಡಿದ ಅವರು, ಮುಂದಿನ ಮುಖ್ಯಮಂತ್ರಿ ಯಾರೆಂಬ ವಿಚಾರ ನಮ್ಮ ಪಕ್ಷದಲ್ಲಿ ಯಾವುದೇ ತೀರ್ಮಾನ ಆಗಿಲ್ಲ ಎಂದು ಸ್ಪಷ್ಟಪಡಿಸಿದರು.

ಕಾಂಗ್ರೆಸ್ ಪಕ್ಷದಲ್ಲಿ ಆಂತರಿಕ ಭಿನ್ನಾಭಿಪ್ರಾಯಗಳಿದ್ದು, ಅವರ ಪಕ್ಷದಲ್ಲಿಯೇ ಗೊಂದಲ ಮೂಡಿದೆ ಎಂದು ಟೀಕಿಸಿದರು. ರಾಜ್ಯದ ಜನತೆ ಇದನ್ನು ಗಮನಿಸುತ್ತಿದ್ದಾರೆ ಎಂದರು.

ರಾಜ್ಯದಲ್ಲಿ ಅಭಿವೃದ್ಧಿ ಕಾರ್ಯಗಳು ಸ್ಥಗಿತಗೊಂಡಿವೆ. 400 ಕೋಟಿ ರೂಪಾಯಿ ಅನುದಾನದ ಕಾಮಗಾರಿಗಳು ನನೆಗುದಿಗೆ ಬಿದ್ದಿವೆ ಎಂದು ಅವರು ಆರೋಪಿಸಿದರು.

ಮುಂದಿನ ದಿನಗಳಲ್ಲಿ ರಾಜ್ಯಾದ್ಯಂತ ಪ್ರತಿಭಟನೆ ನಡೆಸಲಾಗುವುದು ಎಂದು ಅವರು ಎಚ್ಚರಿಕೆ ನೀಡಿದರು. ಜನರ ಸಮಸ್ಯೆಗಳಿಗೆ ಸರ್ಕಾರ ಸ್ಪಂದಿಸುತ್ತಿಲ್ಲ ಎಂದು ದೂರಿದರು.

ಭ್ರಷ್ಟಾಚಾರ,ತೆರಿಗೆ ಹೆಚ್ಚಳ,ರೈತರ ಸಮಸ್ಯೆಗಳ ಬಗ್ಗೆ ಸರ್ಕಾರ ಗಮನ ಹರಿಸುತ್ತಿಲ್ಲ ಎಂದು ಅವರು ಆರೋಪ ಮಾಡಿದರು. ಬರುವ ದಿನಗಳಲ್ಲಿ ಜನರೇ ಉತ್ತರ ನೀಡುತ್ತಾರೆ ಎಂದು ಹೇಳಿದರು.
